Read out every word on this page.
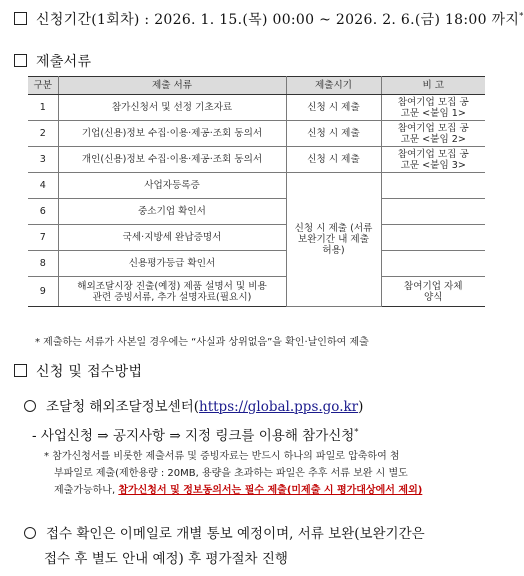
신청기간(1회차) : 2026. 1. 15.(목) 00:00 ~ 2026. 2. 6.(금) 18:00 까지*
제출서류
구분	제출 서류	제출시기	비 고
1	참가신청서 및 선정 기초자료	신청 시 제출	참여기업 모집 공고문 <붙임 1>
2	기업(신용)정보 수집·이용·제공·조회 동의서	신청 시 제출	참여기업 모집 공고문 <붙임 2>
3	개인(신용)정보 수집·이용·제공·조회 동의서	신청 시 제출	참여기업 모집 공고문 <붙임 3>
4	사업자등록증	신청 시 제출 (서류보완기간 내 제출 허용)	
6	중소기업 확인서		
7	국세·지방세 완납증명서		
8	신용평가등급 확인서		
9	해외조달시장 진출(예정) 제품 설명서 및 비용 관련 증빙서류, 추가 설명자료(필요시)		참여기업 자체 양식
* 제출하는 서류가 사본일 경우에는 “사실과 상위없음”을 확인·날인하여 제출
신청 및 접수방법
조달청 해외조달정보센터(https://global.pps.go.kr)
- 사업신청 ⇒ 공지사항 ⇒ 지정 링크를 이용해 참가신청*
* 참가신청서를 비롯한 제출서류 및 증빙자료는 반드시 하나의 파일로 압축하여 첨
부파일로 제출(제한용량 : 20MB, 용량을 초과하는 파일은 추후 서류 보완 시 별도
제출가능하나, 참가신청서 및 정보동의서는 필수 제출(미제출 시 평가대상에서 제외)
접수 확인은 이메일로 개별 통보 예정이며, 서류 보완(보완기간은
접수 후 별도 안내 예정) 후 평가절차 진행
